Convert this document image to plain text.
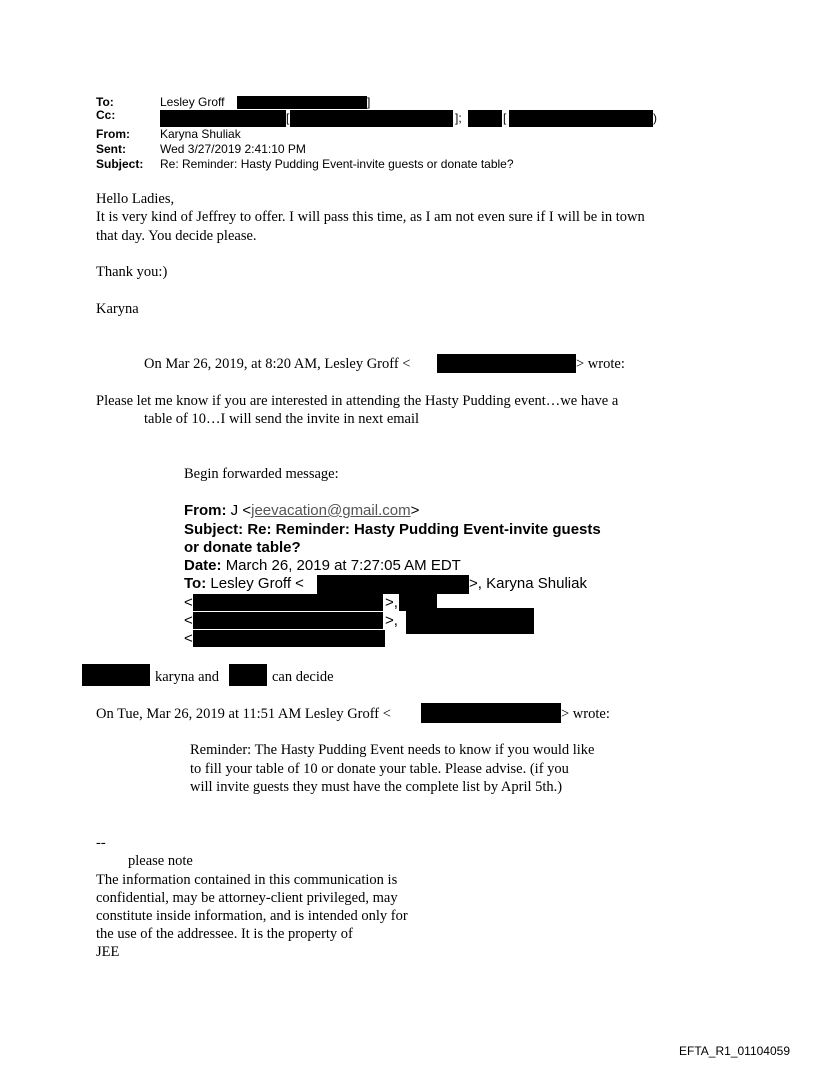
To:	Lesley Groff	]
Cc:	[	];	[	)
From:	Karyna Shuliak
Sent:	Wed 3/27/2019 2:41:10 PM
Subject: Re: Reminder: Hasty Pudding Event-invite guests or donate table?
Hello Ladies,
It is very kind of Jeffrey to offer. I will pass this time, as I am not even sure if I will be in town
that day. You decide please.
Thank you:)
Karyna
On Mar 26, 2019, at 8:20 AM, Lesley Groff <	> wrote:
Please let me know if you are interested in attending the Hasty Pudding event…we have a
table of 10…I will send the invite in next email
Begin forwarded message:
From: J <jeevacation@gmail.com>
Subject: Re: Reminder: Hasty Pudding Event-invite guests
or donate table?
Date: March 26, 2019 at 7:27:05 AM EDT
To: Lesley Groff <	>, Karyna Shuliak
<	>,
<	>,
<
karyna and	can decide
On Tue, Mar 26, 2019 at 11:51 AM Lesley Groff <	> wrote:
Reminder: The Hasty Pudding Event needs to know if you would like
to fill your table of 10 or donate your table. Please advise. (if you
will invite guests they must have the complete list by April 5th.)
--
please note
The information contained in this communication is
confidential, may be attorney-client privileged, may
constitute inside information, and is intended only for
the use of the addressee. It is the property of
JEE
EFTA_R1_01104059
